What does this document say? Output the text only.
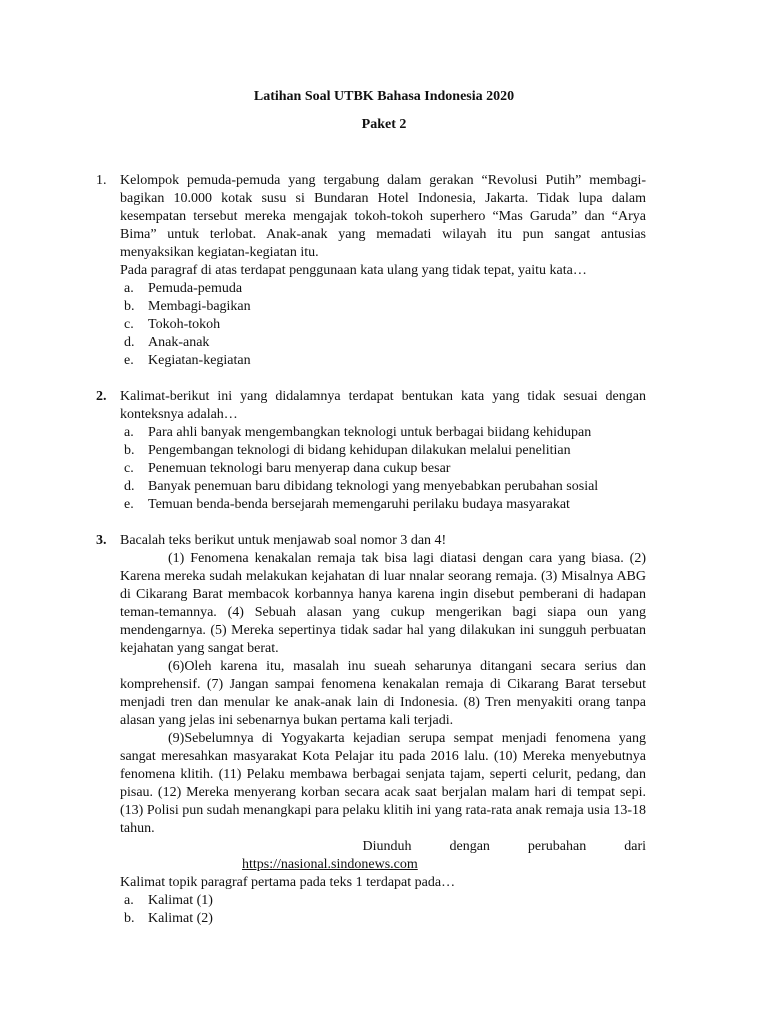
Latihan Soal UTBK Bahasa Indonesia 2020
Paket 2
1. Kelompok pemuda-pemuda yang tergabung dalam gerakan “Revolusi Putih” membagi-bagikan 10.000 kotak susu si Bundaran Hotel Indonesia, Jakarta. Tidak lupa dalam kesempatan tersebut mereka mengajak tokoh-tokoh superhero “Mas Garuda” dan “Arya Bima” untuk terlobat. Anak-anak yang memadati wilayah itu pun sangat antusias menyaksikan kegiatan-kegiatan itu.

Pada paragraf di atas terdapat penggunaan kata ulang yang tidak tepat, yaitu kata…

a. Pemuda-pemuda
b. Membagi-bagikan
c. Tokoh-tokoh
d. Anak-anak
e. Kegiatan-kegiatan
2. Kalimat-berikut ini yang didalamnya terdapat bentukan kata yang tidak sesuai dengan konteksnya adalah…

a. Para ahli banyak mengembangkan teknologi untuk berbagai biidang kehidupan
b. Pengembangan teknologi di bidang kehidupan dilakukan melalui penelitian
c. Penemuan teknologi baru menyerap dana cukup besar
d. Banyak penemuan baru dibidang teknologi yang menyebabkan perubahan sosial
e. Temuan benda-benda bersejarah memengaruhi perilaku budaya masyarakat
3. Bacalah teks berikut untuk menjawab soal nomor 3 dan 4!

(1) Fenomena kenakalan remaja tak bisa lagi diatasi dengan cara yang biasa. (2) Karena mereka sudah melakukan kejahatan di luar nnalar seorang remaja. (3) Misalnya ABG di Cikarang Barat membacok korbannya hanya karena ingin disebut pemberani di hadapan teman-temannya. (4) Sebuah alasan yang cukup mengerikan bagi siapa oun yang mendengarnya. (5) Mereka sepertinya tidak sadar hal yang dilakukan ini sungguh perbuatan kejahatan yang sangat berat.

(6)Oleh karena itu, masalah inu sueah seharunya ditangani secara serius dan komprehensif. (7) Jangan sampai fenomena kenakalan remaja di Cikarang Barat tersebut menjadi tren dan menular ke anak-anak lain di Indonesia. (8) Tren menyakiti orang tanpa alasan yang jelas ini sebenarnya bukan pertama kali terjadi.

(9)Sebelumnya di Yogyakarta kejadian serupa sempat menjadi fenomena yang sangat meresahkan masyarakat Kota Pelajar itu pada 2016 lalu. (10) Mereka menyebutnya fenomena klitih. (11) Pelaku membawa berbagai senjata tajam, seperti celurit, pedang, dan pisau. (12) Mereka menyerang korban secara acak saat berjalan malam hari di tempat sepi. (13) Polisi pun sudah menangkapi para pelaku klitih ini yang rata-rata anak remaja usia 13-18 tahun.

Diunduh	dengan	perubahan	dari
https://nasional.sindonews.com

Kalimat topik paragraf pertama pada teks 1 terdapat pada…

a. Kalimat (1)
b. Kalimat (2)
